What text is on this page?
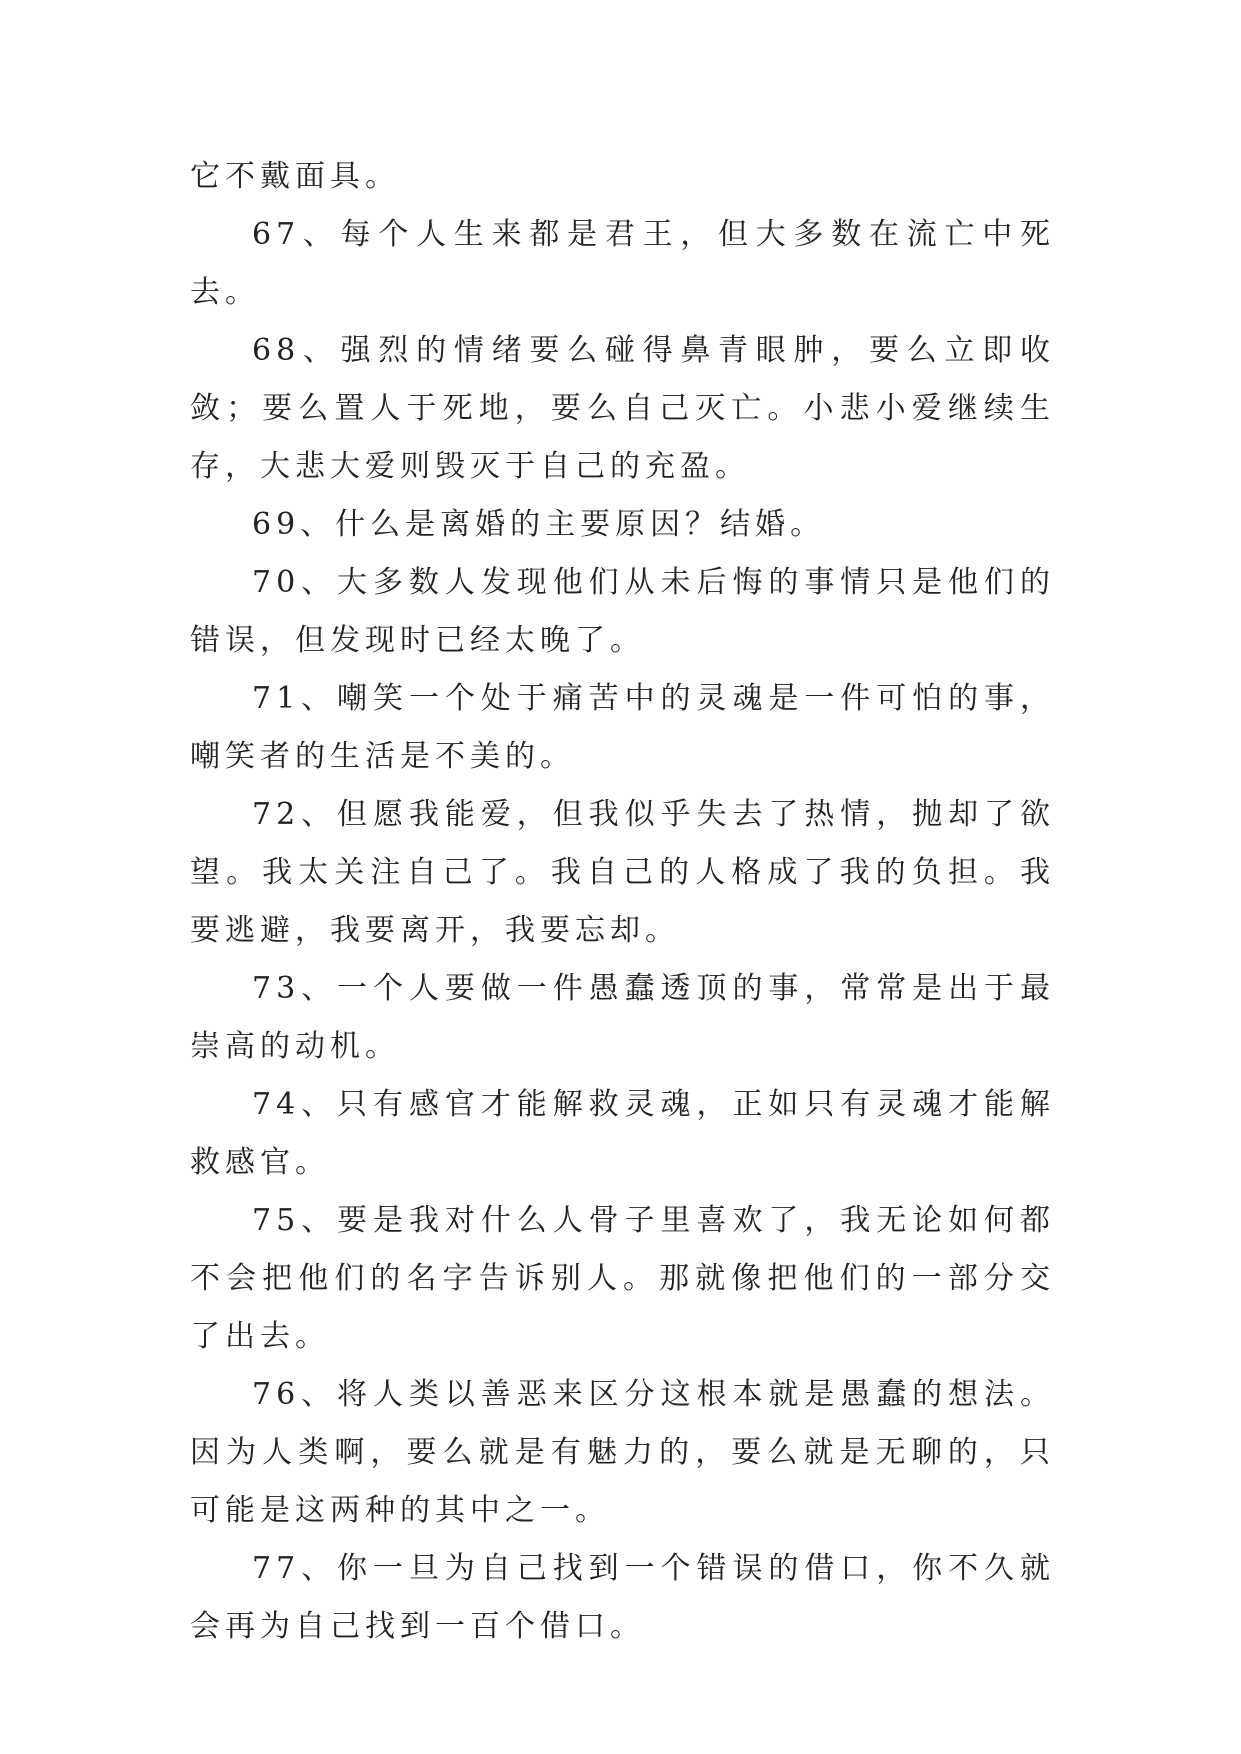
它不戴面具。

67、每个人生来都是君王，但大多数在流亡中死去。

68、强烈的情绪要么碰得鼻青眼肿，要么立即收敛；要么置人于死地，要么自己灭亡。小悲小爱继续生存，大悲大爱则毁灭于自己的充盈。

69、什么是离婚的主要原因？结婚。

70、大多数人发现他们从未后悔的事情只是他们的错误，但发现时已经太晚了。

71、嘲笑一个处于痛苦中的灵魂是一件可怕的事，嘲笑者的生活是不美的。

72、但愿我能爱，但我似乎失去了热情，抛却了欲望。我太关注自己了。我自己的人格成了我的负担。我要逃避，我要离开，我要忘却。

73、一个人要做一件愚蠢透顶的事，常常是出于最崇高的动机。

74、只有感官才能解救灵魂，正如只有灵魂才能解救感官。

75、要是我对什么人骨子里喜欢了，我无论如何都不会把他们的名字告诉别人。那就像把他们的一部分交了出去。

76、将人类以善恶来区分这根本就是愚蠢的想法。因为人类啊，要么就是有魅力的，要么就是无聊的，只可能是这两种的其中之一。

77、你一旦为自己找到一个错误的借口，你不久就会再为自己找到一百个借口。
